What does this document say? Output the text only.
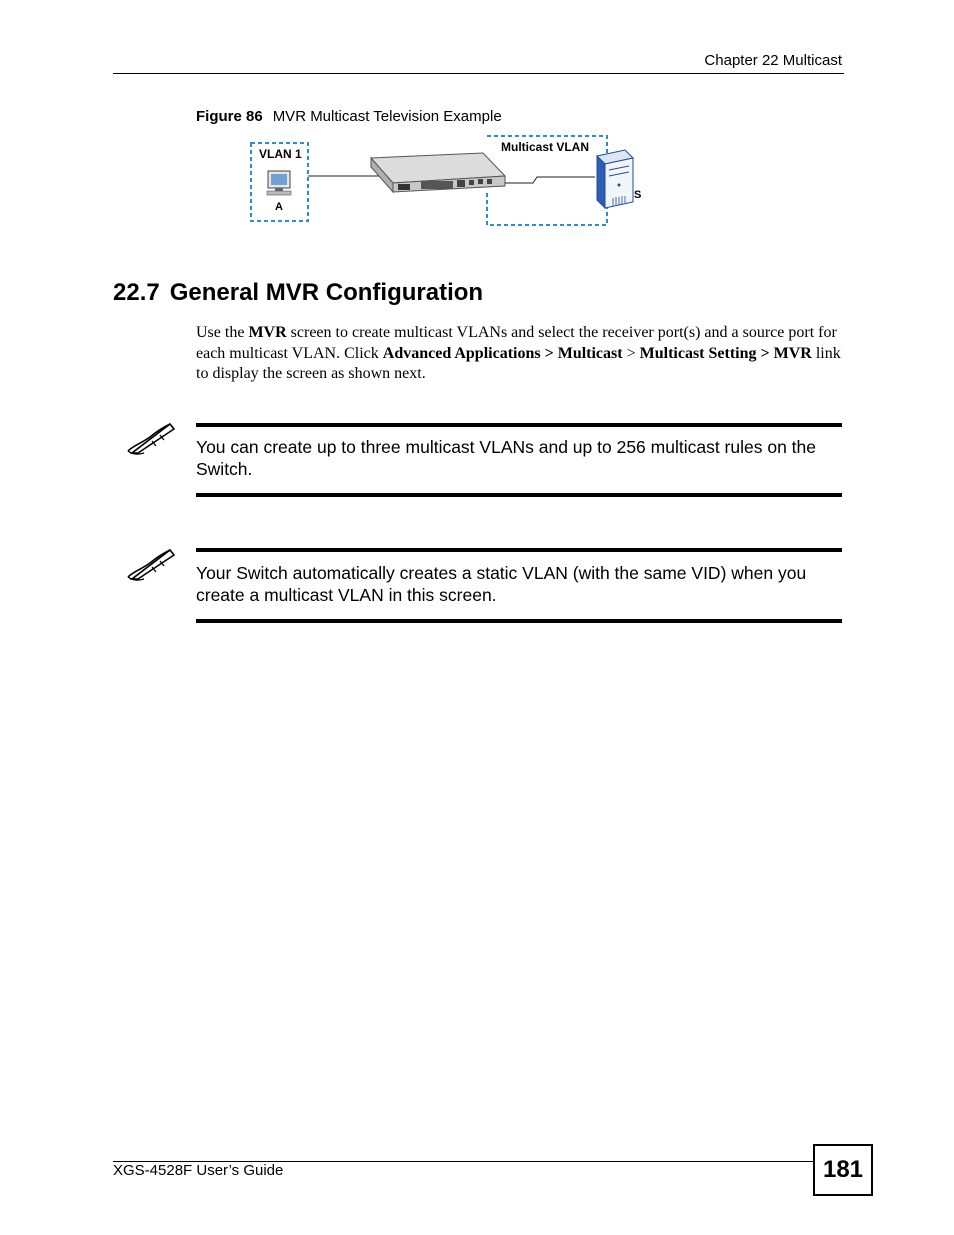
Chapter 22 Multicast
Figure 86 MVR Multicast Television Example
VLAN 1
A
Multicast VLAN
S
22.7 General MVR Configuration
Use the MVR screen to create multicast VLANs and select the receiver port(s) and a source port for each multicast VLAN. Click Advanced Applications > Multicast > Multicast Setting > MVR link to display the screen as shown next.
You can create up to three multicast VLANs and up to 256 multicast rules on the Switch.
Your Switch automatically creates a static VLAN (with the same VID) when you create a multicast VLAN in this screen.
XGS-4528F User’s Guide	181
